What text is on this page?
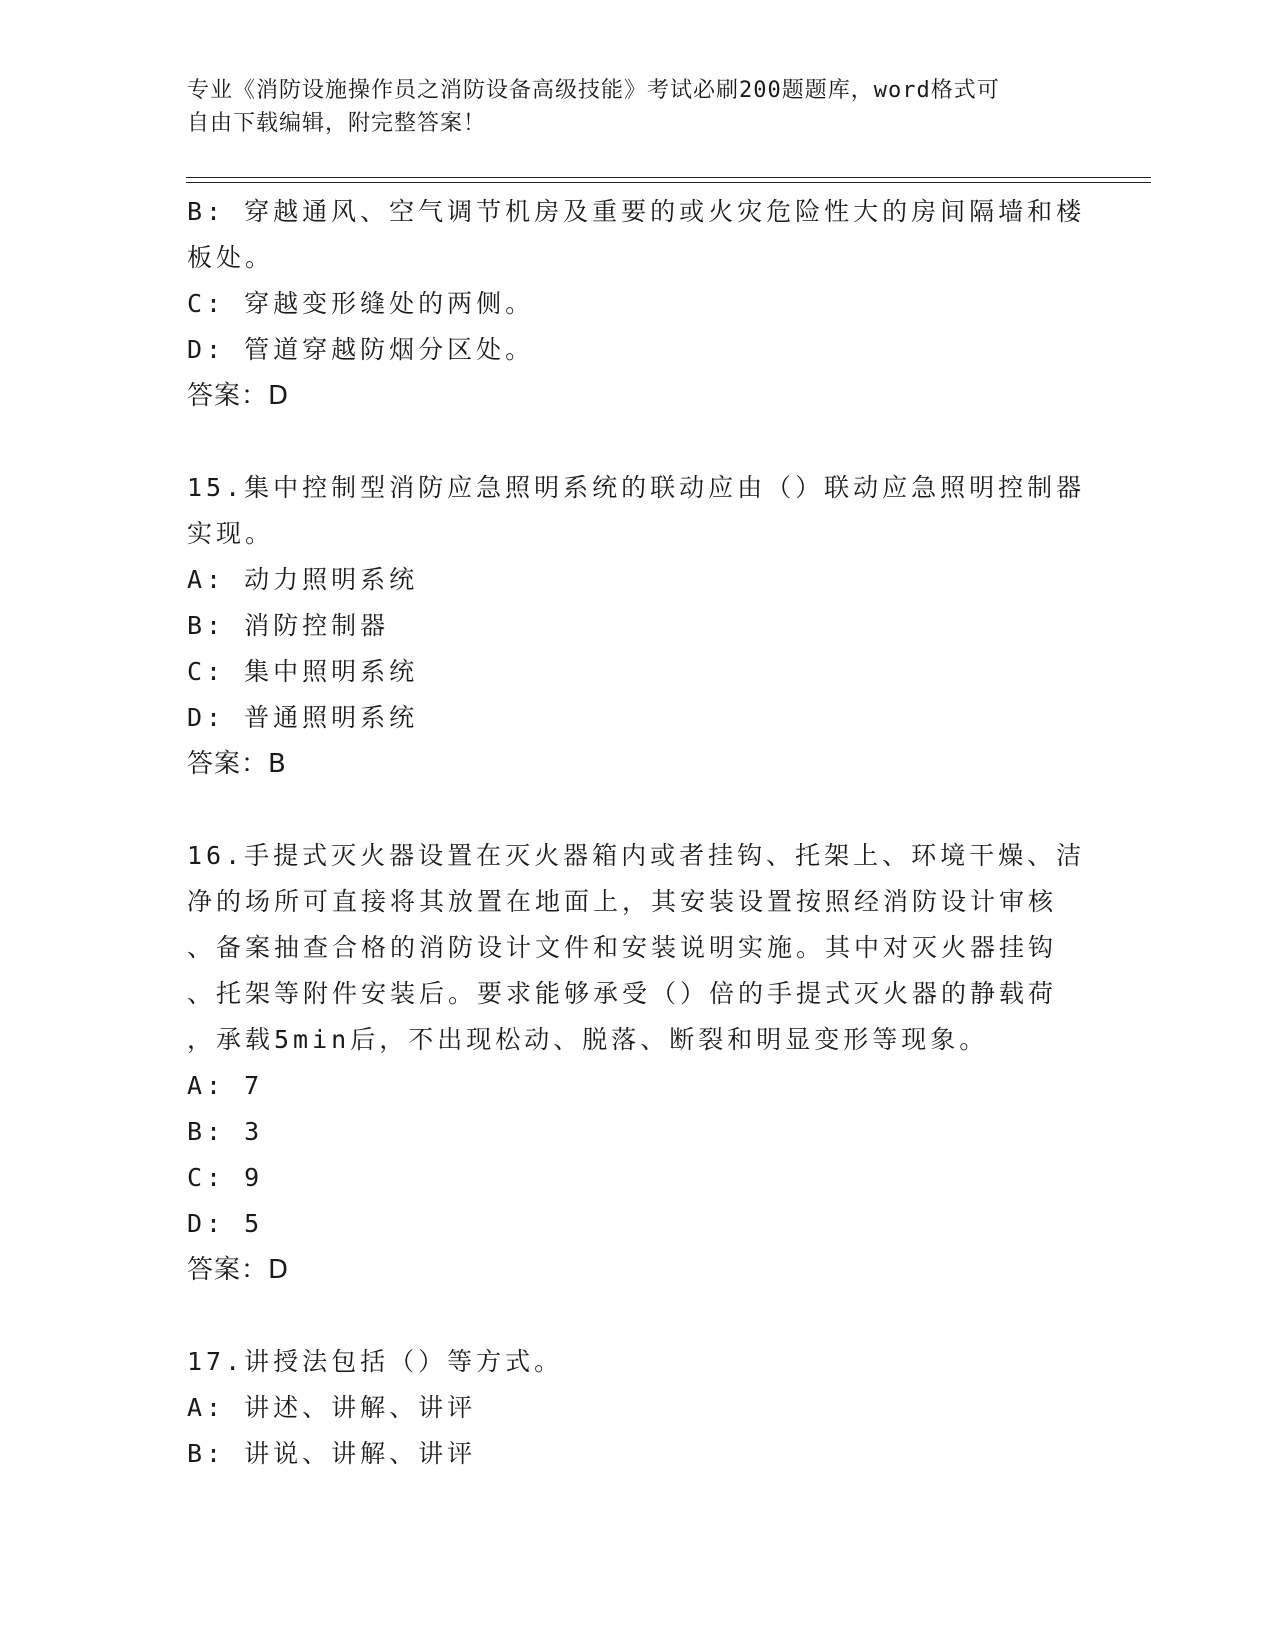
专业《消防设施操作员之消防设备高级技能》考试必刷200题题库，word格式可
自由下载编辑，附完整答案！
B: 穿越通风、空气调节机房及重要的或火灾危险性大的房间隔墙和楼
板处。
C: 穿越变形缝处的两侧。
D: 管道穿越防烟分区处。
答案：D
15.集中控制型消防应急照明系统的联动应由（）联动应急照明控制器
实现。
A: 动力照明系统
B: 消防控制器
C: 集中照明系统
D: 普通照明系统
答案：B
16.手提式灭火器设置在灭火器箱内或者挂钩、托架上、环境干燥、洁
净的场所可直接将其放置在地面上，其安装设置按照经消防设计审核
、备案抽查合格的消防设计文件和安装说明实施。其中对灭火器挂钩
、托架等附件安装后。要求能够承受（）倍的手提式灭火器的静载荷
，承载5min后，不出现松动、脱落、断裂和明显变形等现象。
A: 7
B: 3
C: 9
D: 5
答案：D
17.讲授法包括（）等方式。
A: 讲述、讲解、讲评
B: 讲说、讲解、讲评
